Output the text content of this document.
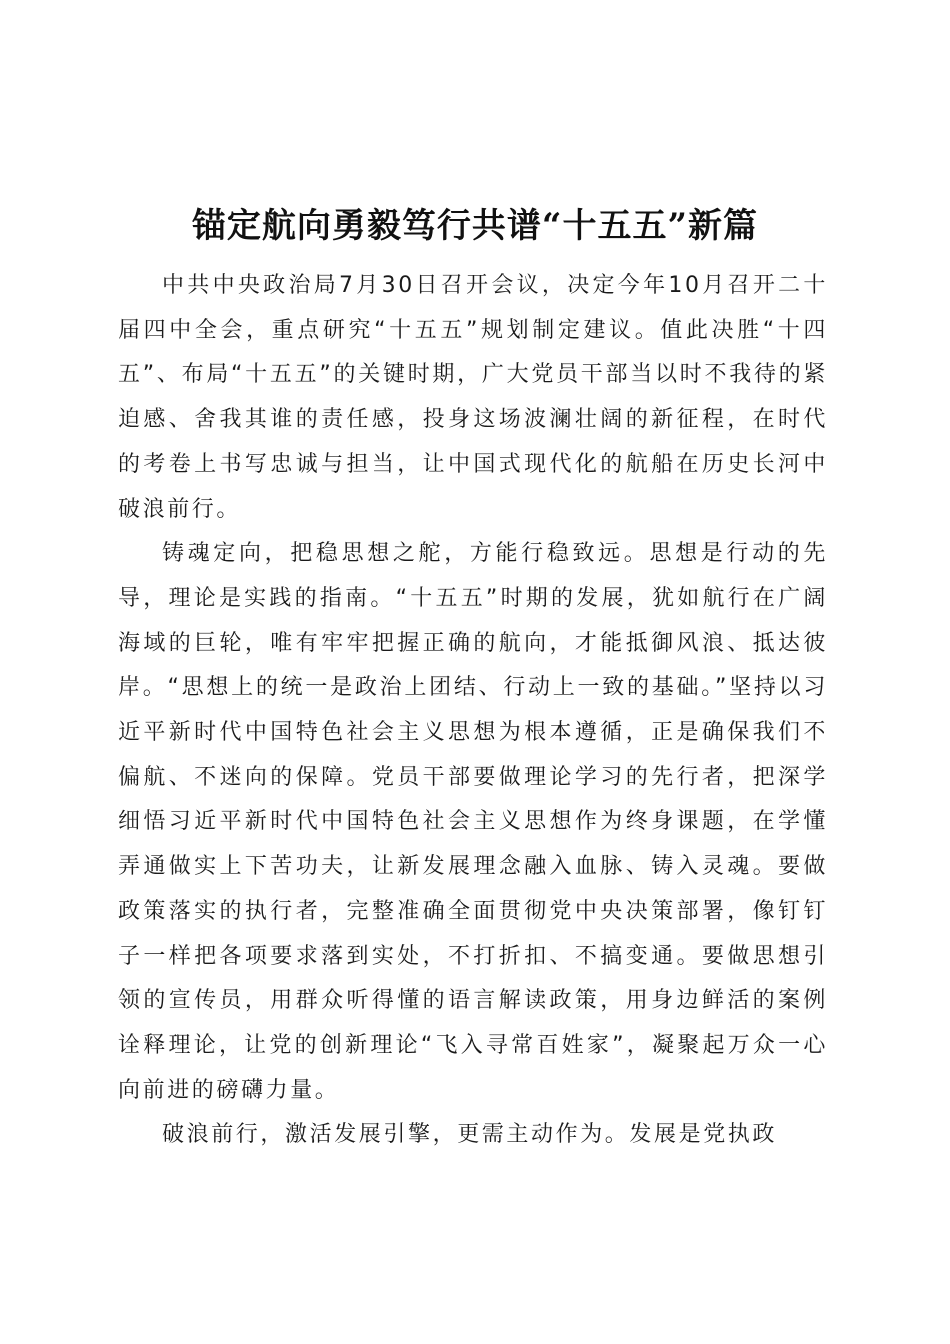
锚定航向勇毅笃行共谱“十五五”新篇

中共中央政治局7月30日召开会议，决定今年10月召开二十届四中全会，重点研究“十五五”规划制定建议。值此决胜“十四五”、布局“十五五”的关键时期，广大党员干部当以时不我待的紧迫感、舍我其谁的责任感，投身这场波澜壮阔的新征程，在时代的考卷上书写忠诚与担当，让中国式现代化的航船在历史长河中破浪前行。

铸魂定向，把稳思想之舵，方能行稳致远。思想是行动的先导，理论是实践的指南。“十五五”时期的发展，犹如航行在广阔海域的巨轮，唯有牢牢把握正确的航向，才能抵御风浪、抵达彼岸。“思想上的统一是政治上团结、行动上一致的基础。”坚持以习近平新时代中国特色社会主义思想为根本遵循，正是确保我们不偏航、不迷向的保障。党员干部要做理论学习的先行者，把深学细悟习近平新时代中国特色社会主义思想作为终身课题，在学懂弄通做实上下苦功夫，让新发展理念融入血脉、铸入灵魂。要做政策落实的执行者，完整准确全面贯彻党中央决策部署，像钉钉子一样把各项要求落到实处，不打折扣、不搞变通。要做思想引领的宣传员，用群众听得懂的语言解读政策，用身边鲜活的案例诠释理论，让党的创新理论“飞入寻常百姓家”，凝聚起万众一心向前进的磅礴力量。

破浪前行，激活发展引擎，更需主动作为。发展是党执政
